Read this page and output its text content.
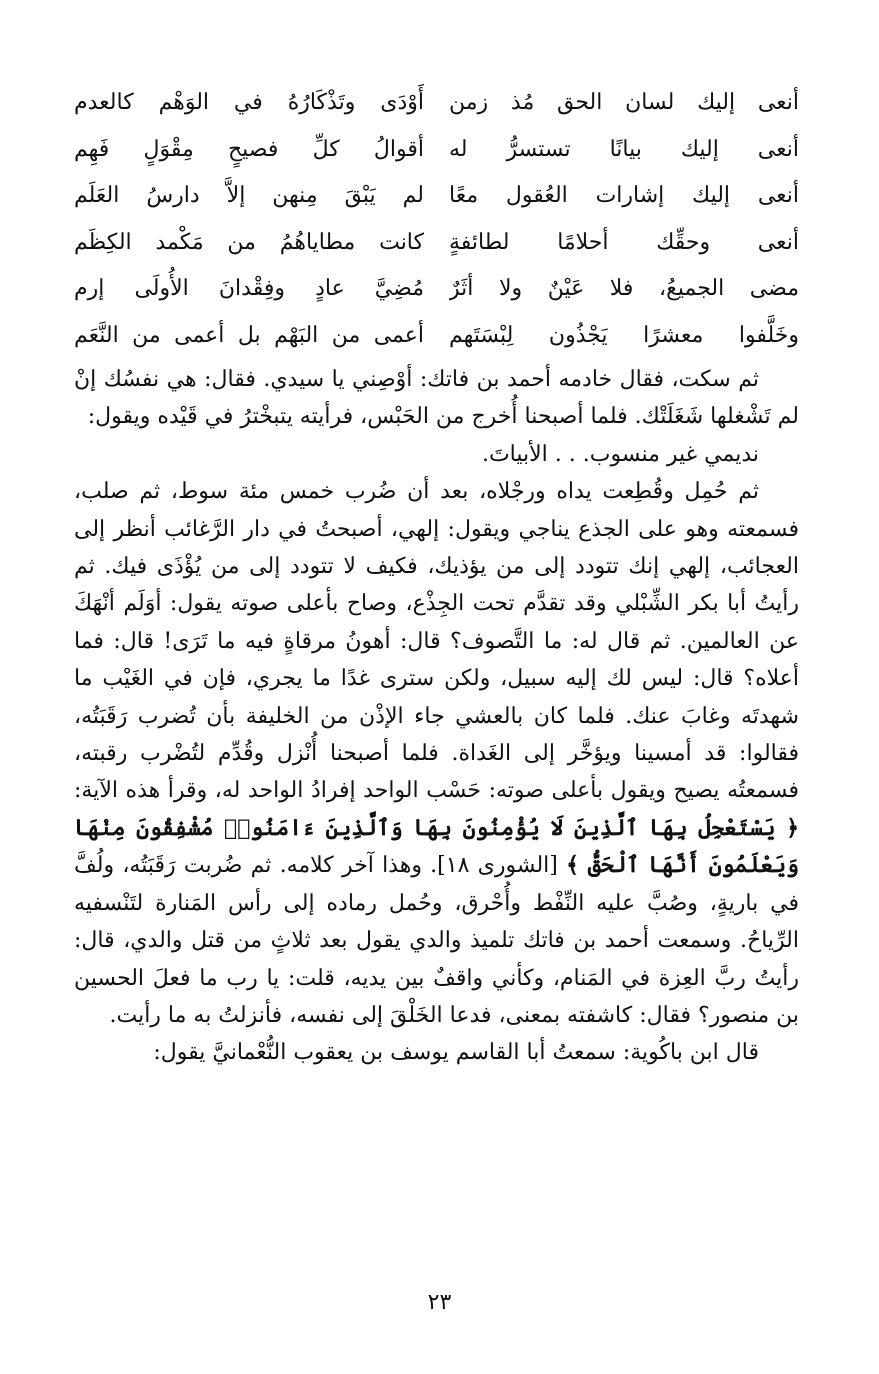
أنعى إليك لسان الحق مُذ زمن
أَوْدَى وتَذْكَارُهُ في الوَهْم كالعدم
أنعى إليك بيانًا تستسرُّ له
أقوالُ كلِّ فصيحٍ مِقْوَلٍ فَهِم
أنعى إليك إشارات العُقول معًا
لم يَبْقَ مِنهن إلاَّ دارسُ العَلَم
أنعى وحقِّك أحلامًا لطائفةٍ
كانت مطاياهُمُ من مَكْمد الكِظَم
مضى الجميعُ، فلا عَيْنٌ ولا أثَرٌ
مُضِيَّ عادٍ وفِقْدانَ الأُولَى إرم
وخَلَّفوا معشرًا يَجْذُون لِبْسَتَهم
أعمى من البَهْم بل أعمى من النَّعَم

ثم سكت، فقال خادمه أحمد بن فاتك: أوْصِني يا سيدي. فقال: هي نفسُك إنْ لم تَشْغلها شَغَلَتْك. فلما أصبحنا أُخرج من الحَبْس، فرأيته يتبخْترُ في قَيْده ويقول:

نديمي غير منسوب. . . الأبياتَ.

ثم حُمِل وقُطِعت يداه ورجْلاه، بعد أن ضُرب خمس مئة سوط، ثم صلب، فسمعته وهو على الجذع يناجي ويقول: إلهي، أصبحتُ في دار الرَّغائب أنظر إلى العجائب، إلهي إنك تتودد إلى من يؤذيك، فكيف لا تتودد إلى من يُؤْذَى فيك. ثم رأيتُ أبا بكر الشِّبْلي وقد تقدَّم تحت الجِذْع، وصاح بأعلى صوته يقول: أوَلَم أنْهَكَ عن العالمين. ثم قال له: ما التَّصوف؟ قال: أهونُ مرقاةٍ فيه ما تَرَى! قال: فما أعلاه؟ قال: ليس لك إليه سبيل، ولكن سترى غدًا ما يجري، فإن في الغَيْب ما شهدتَه وغابَ عنك. فلما كان بالعشي جاء الإذْن من الخليفة بأن تُضرب رَقَبَتُه، فقالوا: قد أمسينا ويؤخَّر إلى الغَداة. فلما أصبحنا أُنْزل وقُدِّم لتُضْرب رقبته، فسمعتُه يصيح ويقول بأعلى صوته: حَسْب الواحد إفرادُ الواحد له، وقرأ هذه الآية: ﴿ يَسْتَعْجِلُ بِهَا ٱلَّذِينَ لَا يُؤْمِنُونَ بِهَا وَٱلَّذِينَ ءَامَنُوا۟ مُشْفِقُونَ مِنْهَا وَيَعْلَمُونَ أَنَّهَا ٱلْحَقُّ ﴾ [الشورى ١٨]. وهذا آخر كلامه. ثم ضُربت رَقَبَتُه، ولُفَّ في باريةٍ، وصُبَّ عليه النِّفْط وأُحْرق، وحُمل رماده إلى رأس المَنارة لتَنْسفيه الرِّياحُ. وسمعت أحمد بن فاتك تلميذ والدي يقول بعد ثلاثٍ من قتل والدي، قال: رأيتُ ربَّ العِزة في المَنام، وكأني واقفٌ بين يديه، قلت: يا رب ما فعلَ الحسين بن منصور؟ فقال: كاشفته بمعنى، فدعا الخَلْقَ إلى نفسه، فأنزلتُ به ما رأيت.

قال ابن باكُوية: سمعتُ أبا القاسم يوسف بن يعقوب النُّعْمانيَّ يقول:

٢٣
